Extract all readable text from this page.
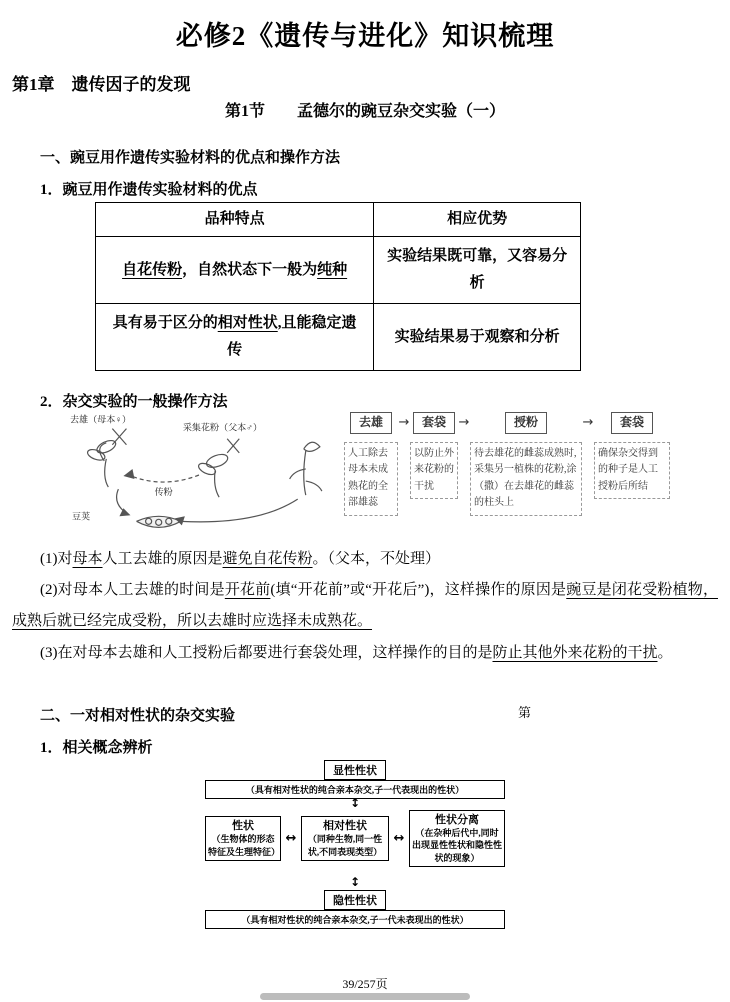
必修2《遗传与进化》知识梳理
第1章　遗传因子的发现
第1节　　孟德尔的豌豆杂交实验（一）
一、豌豆用作遗传实验材料的优点和操作方法
1．豌豆用作遗传实验材料的优点
品种特点	相应优势
自花传粉，自然状态下一般为纯种	实验结果既可靠，又容易分析
具有易于区分的相对性状,且能稳定遗传	实验结果易于观察和分析
2．杂交实验的一般操作方法
去雄（母本♀）
采集花粉（父本♂）
传粉
豆荚
去雄
人工除去母本未成熟花的全部雄蕊
→	套袋
以防止外来花粉的干扰
→	授粉
待去雄花的雌蕊成熟时,采集另一植株的花粉,涂（撒）在去雄花的雌蕊的柱头上
→	套袋
确保杂交得到的种子是人工授粉后所结

(1)对母本人工去雄的原因是避免自花传粉。（父本，不处理）

(2)对母本人工去雄的时间是开花前(填“开花前”或“开花后”)，这样操作的原因是豌豆是闭花受粉植物，成熟后就已经完成受粉，所以去雄时应选择未成熟花。

(3)在对母本去雄和人工授粉后都要进行套袋处理，这样操作的目的是防止其他外来花粉的干扰。

二、一对相对性状的杂交实验	第
1．相关概念辨析
显性性状
（具有相对性状的纯合亲本杂交,子一代表现出的性状）
↕
性状
（生物体的形态特征及生理特征）
↔
相对性状
（同种生物,同一性状,不同表现类型）
↔
性状分离
（在杂种后代中,同时出现显性性状和隐性性状的现象）
↕
隐性性状
（具有相对性状的纯合亲本杂交,子一代未表现出的性状）
39/257页
